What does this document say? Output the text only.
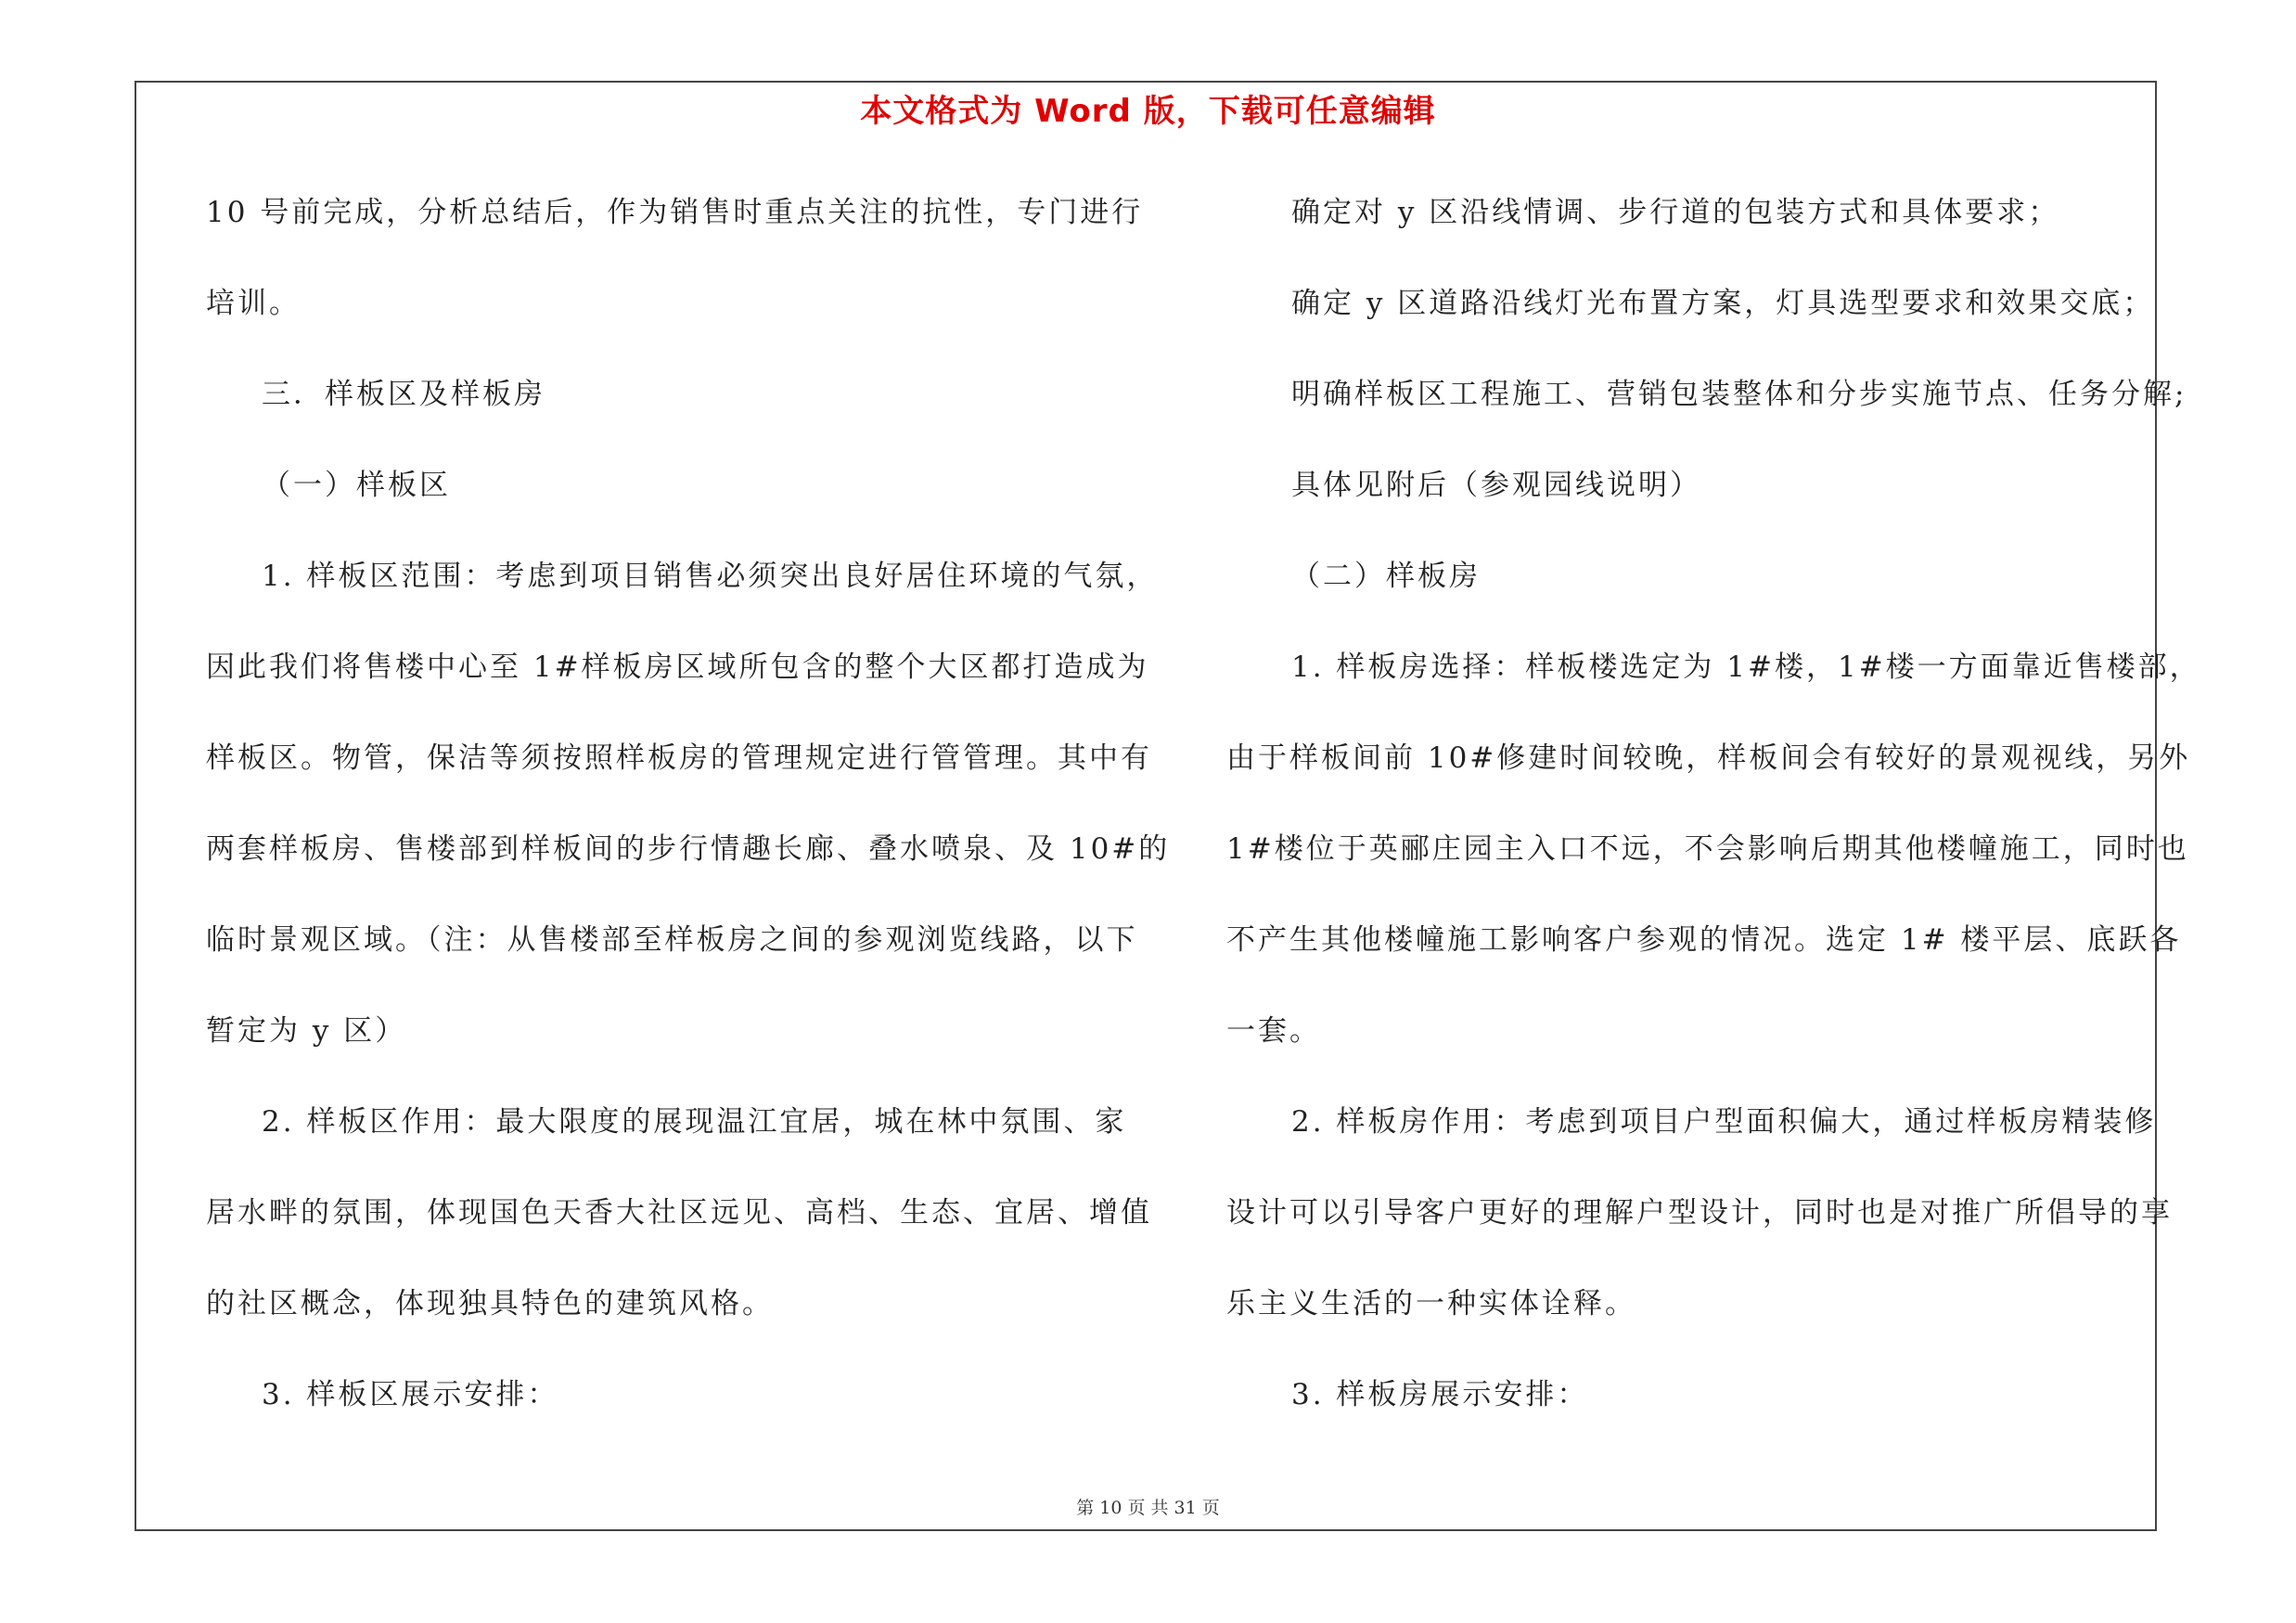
本文格式为 Word 版，下载可任意编辑
10 号前完成，分析总结后，作为销售时重点关注的抗性，专门进行
培训。
三．样板区及样板房
（一）样板区
1. 样板区范围：考虑到项目销售必须突出良好居住环境的气氛，
因此我们将售楼中心至 1#样板房区域所包含的整个大区都打造成为
样板区。物管，保洁等须按照样板房的管理规定进行管管理。其中有
两套样板房、售楼部到样板间的步行情趣长廊、叠水喷泉、及 10#的
临时景观区域。（注：从售楼部至样板房之间的参观浏览线路，以下
暂定为 y 区）
2. 样板区作用：最大限度的展现温江宜居，城在林中氛围、家
居水畔的氛围，体现国色天香大社区远见、高档、生态、宜居、增值
的社区概念，体现独具特色的建筑风格。
3. 样板区展示安排：
确定对 y 区沿线情调、步行道的包装方式和具体要求；
确定 y 区道路沿线灯光布置方案，灯具选型要求和效果交底；
明确样板区工程施工、营销包装整体和分步实施节点、任务分解;
具体见附后（参观园线说明）
（二）样板房
1. 样板房选择：样板楼选定为 1#楼，1#楼一方面靠近售楼部，
由于样板间前 10#修建时间较晚，样板间会有较好的景观视线，另外
1#楼位于英郦庄园主入口不远，不会影响后期其他楼幢施工，同时也
不产生其他楼幢施工影响客户参观的情况。选定 1# 楼平层、底跃各
一套。
2. 样板房作用：考虑到项目户型面积偏大，通过样板房精装修
设计可以引导客户更好的理解户型设计，同时也是对推广所倡导的享
乐主义生活的一种实体诠释。
3. 样板房展示安排：
第 10 页 共 31 页
